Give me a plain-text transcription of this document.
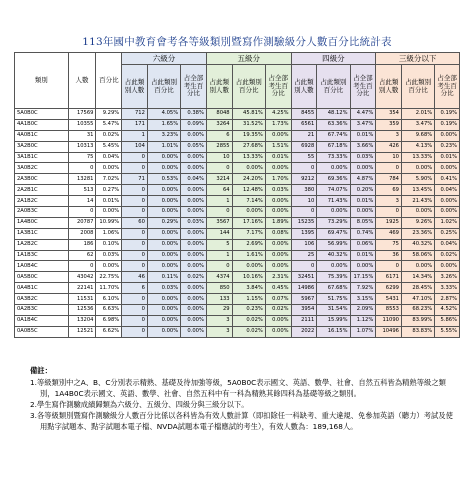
113年國中教育會考各等級類別暨寫作測驗級分人數百分比統計表
類別	人數	百分比	六級分			五級分			四級分			三級分以下		
			占此類別人數	占此類別百分比	占全部考生百分比	占此類別人數	占此類別百分比	占全部考生百分比	占此類別人數	占此類別百分比	占全部考生百分比	占此類別人數	占此類別百分比	占全部考生百分比
5A0B0C	17569	9.29%	712	4.05%	0.38%	8048	45.81%	4.25%	8455	48.12%	4.47%	354	2.01%	0.19%
4A1B0C	10355	5.47%	171	1.65%	0.09%	3264	31.52%	1.73%	6561	63.36%	3.47%	359	3.47%	0.19%
4A0B1C	31	0.02%	1	3.23%	0.00%	6	19.35%	0.00%	21	67.74%	0.01%	3	9.68%	0.00%
3A2B0C	10313	5.45%	104	1.01%	0.05%	2855	27.68%	1.51%	6928	67.18%	3.66%	426	4.13%	0.23%
3A1B1C	75	0.04%	0	0.00%	0.00%	10	13.33%	0.01%	55	73.33%	0.03%	10	13.33%	0.01%
3A0B2C	0	0.00%	0	0.00%	0.00%	0	0.00%	0.00%	0	0.00%	0.00%	0	0.00%	0.00%
2A3B0C	13281	7.02%	71	0.53%	0.04%	3214	24.20%	1.70%	9212	69.36%	4.87%	784	5.90%	0.41%
2A2B1C	513	0.27%	0	0.00%	0.00%	64	12.48%	0.03%	380	74.07%	0.20%	69	13.45%	0.04%
2A1B2C	14	0.01%	0	0.00%	0.00%	1	7.14%	0.00%	10	71.43%	0.01%	3	21.43%	0.00%
2A0B3C	0	0.00%	0	0.00%	0.00%	0	0.00%	0.00%	0	0.00%	0.00%	0	0.00%	0.00%
1A4B0C	20787	10.99%	60	0.29%	0.03%	3567	17.16%	1.89%	15235	73.29%	8.05%	1925	9.26%	1.02%
1A3B1C	2008	1.06%	0	0.00%	0.00%	144	7.17%	0.08%	1395	69.47%	0.74%	469	23.36%	0.25%
1A2B2C	186	0.10%	0	0.00%	0.00%	5	2.69%	0.00%	106	56.99%	0.06%	75	40.32%	0.04%
1A1B3C	62	0.03%	0	0.00%	0.00%	1	1.61%	0.00%	25	40.32%	0.01%	36	58.06%	0.02%
1A0B4C	0	0.00%	0	0.00%	0.00%	0	0.00%	0.00%	0	0.00%	0.00%	0	0.00%	0.00%
0A5B0C	43042	22.75%	46	0.11%	0.02%	4374	10.16%	2.31%	32451	75.39%	17.15%	6171	14.34%	3.26%
0A4B1C	22141	11.70%	6	0.03%	0.00%	850	3.84%	0.45%	14986	67.68%	7.92%	6299	28.45%	3.33%
0A3B2C	11531	6.10%	0	0.00%	0.00%	133	1.15%	0.07%	5967	51.75%	3.15%	5431	47.10%	2.87%
0A2B3C	12536	6.63%	0	0.00%	0.00%	29	0.23%	0.02%	3954	31.54%	2.09%	8553	68.23%	4.52%
0A1B4C	13204	6.98%	0	0.00%	0.00%	3	0.02%	0.00%	2111	15.99%	1.12%	11090	83.99%	5.86%
0A0B5C	12521	6.62%	0	0.00%	0.00%	3	0.02%	0.00%	2022	16.15%	1.07%	10496	83.83%	5.55%
備註：
1.等級類別中之A、B、C分別表示精熟、基礎及待加強等級，5A0B0C表示國文、英語、數學、社會、自然五科皆為精熟等級之類別，1A4B0C表示國文、英語、數學、社會、自然五科中有一科為精熟其餘四科為基礎等級之類別。
2.學生寫作測驗成績歸類為六級分、五級分、四級分與三級分以下。
3.各等級類別暨寫作測驗級分人數百分比係以各科皆為有效人數計算（即扣除任一科缺考、重大違規、免參加英語（聽力）考試及使用點字試題本、點字試題本電子檔、NVDA試題本電子檔應試的考生），有效人數為：189,168人。
